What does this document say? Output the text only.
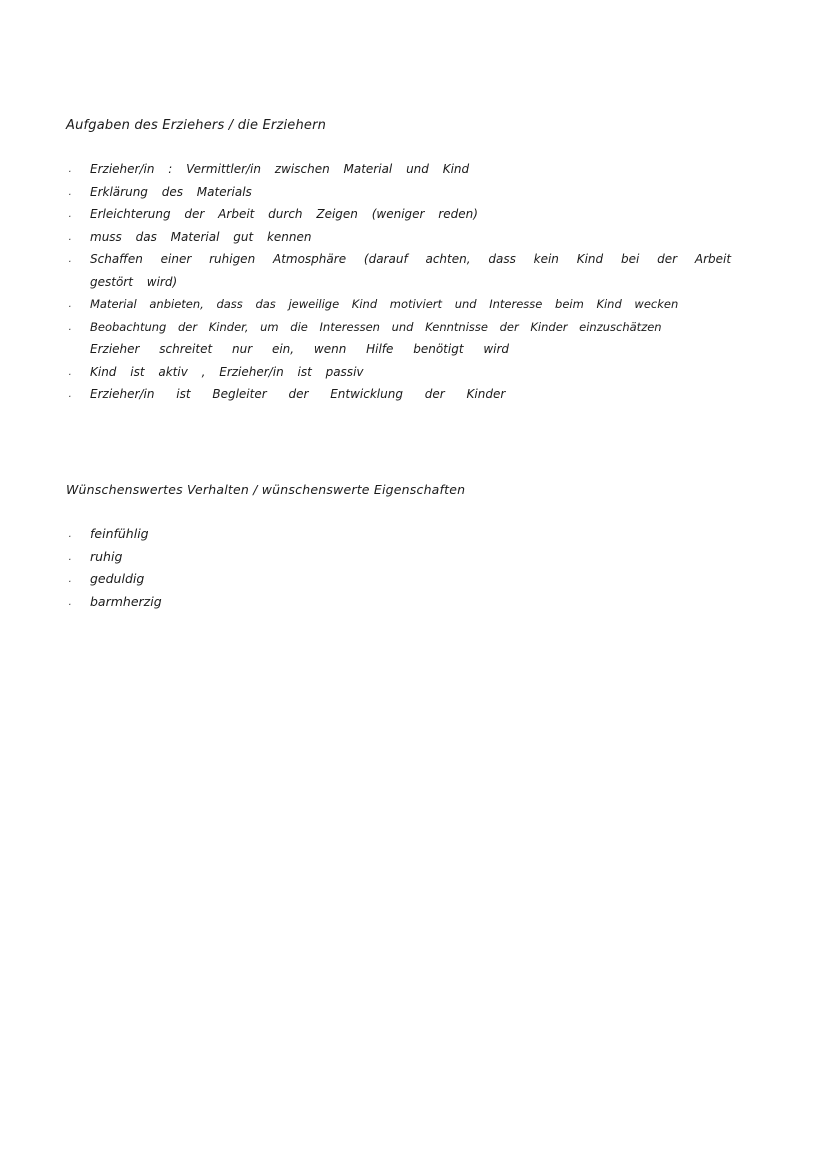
Aufgaben des Erziehers / die Erziehern
· Erzieher/in : Vermittler/in zwischen Material und Kind
· Erklärung des Materials
· Erleichterung der Arbeit durch Zeigen (weniger reden)
· muss das Material gut kennen
· Schaffen einer ruhigen Atmosphäre (darauf achten, dass kein Kind bei der Arbeit
gestört wird)
· Material anbieten, dass das jeweilige Kind motiviert und Interesse beim Kind wecken
· Beobachtung der Kinder, um die Interessen und Kenntnisse der Kinder einzuschätzen
Erzieher schreitet nur ein, wenn Hilfe benötigt wird
· Kind ist aktiv , Erzieher/in ist passiv
· Erzieher/in ist Begleiter der Entwicklung der Kinder
Wünschenswertes Verhalten / wünschenswerte Eigenschaften
· feinfühlig
· ruhig
· geduldig
· barmherzig
